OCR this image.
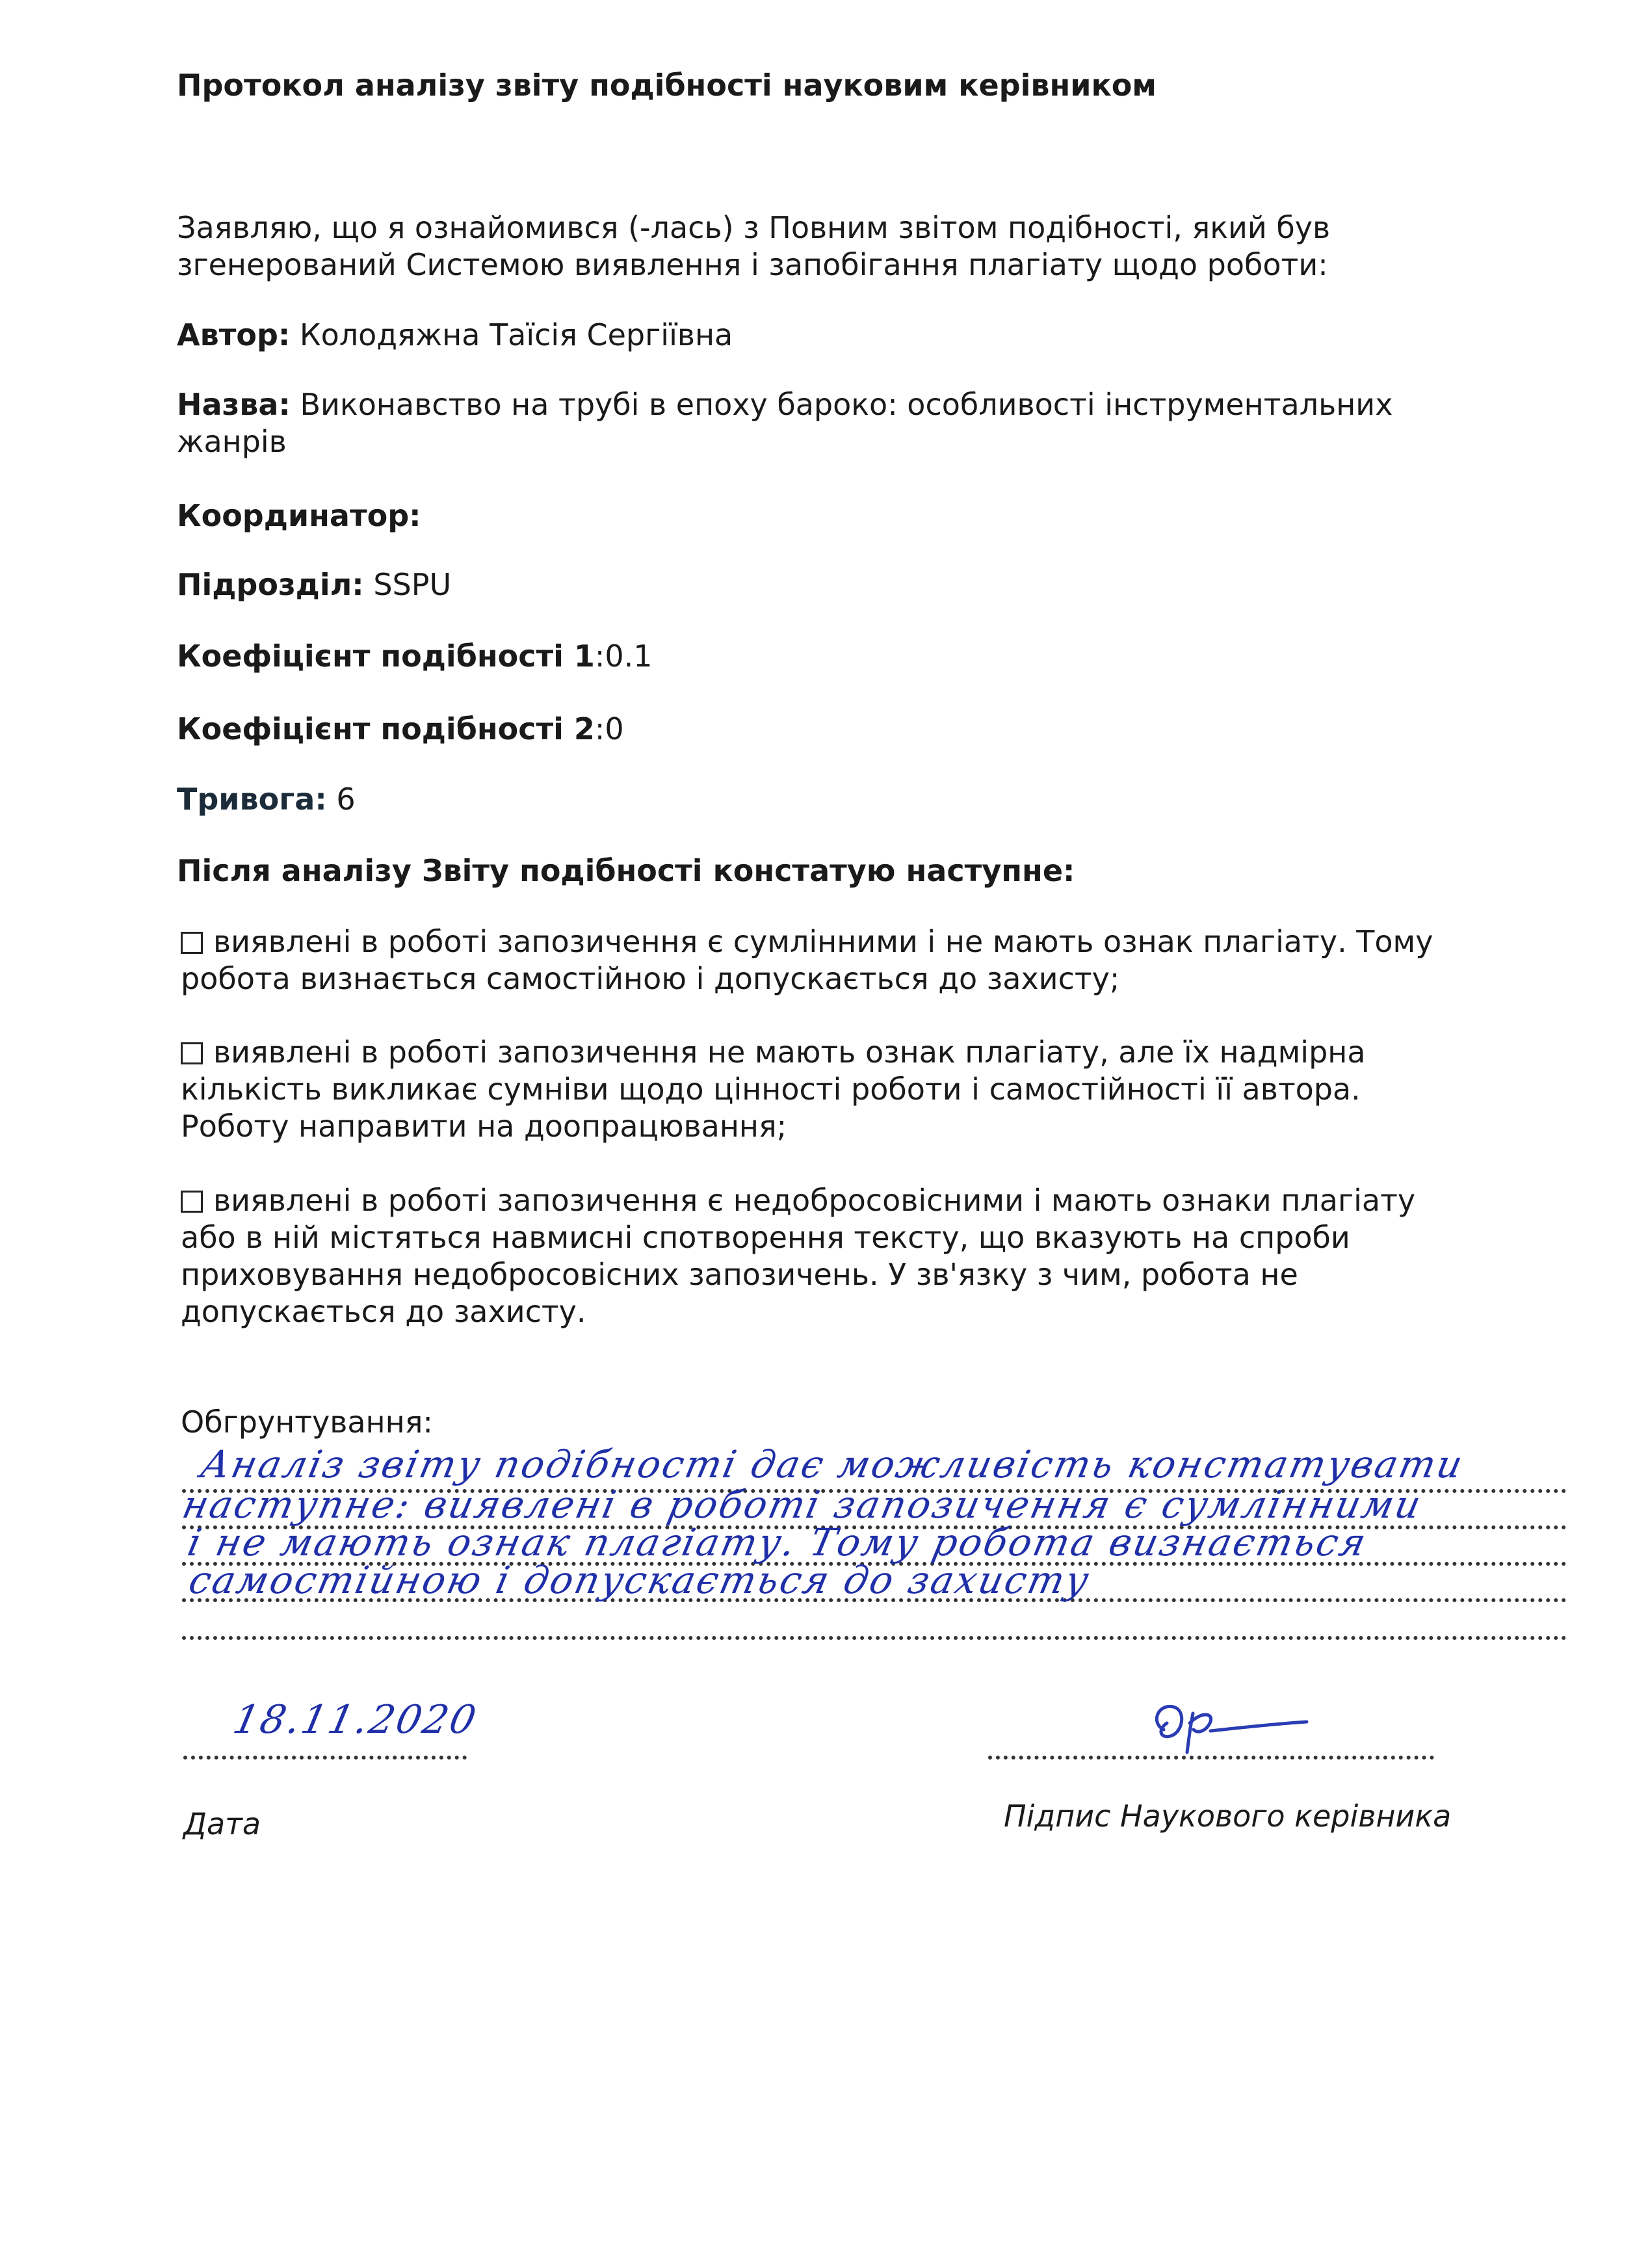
Протокол аналізу звіту подібності науковим керівником
Заявляю, що я ознайомився (-лась) з Повним звітом подібності, який був
згенерований Системою виявлення і запобігання плагіату щодо роботи:
Автор: Колодяжна Таїсія Сергіївна
Назва: Виконавство на трубі в епоху бароко: особливості інструментальних
жанрів
Координатор:
Підрозділ: SSPU
Коефіцієнт подібності 1:0.1
Коефіцієнт подібності 2:0
Тривога: 6
Після аналізу Звіту подібності констатую наступне:
виявлені в роботі запозичення є сумлінними і не мають ознак плагіату. Тому
робота визнається самостійною і допускається до захисту;
виявлені в роботі запозичення не мають ознак плагіату, але їх надмірна
кількість викликає сумніви щодо цінності роботи і самостійності її автора.
Роботу направити на доопрацювання;
виявлені в роботі запозичення є недобросовісними і мають ознаки плагіату
або в ній містяться навмисні спотворення тексту, що вказують на спроби
приховування недобросовісних запозичень. У зв'язку з чим, робота не
допускається до захисту.
Обгрунтування:
Аналіз звіту подібності дає можливість констатувати
наступне: виявлені в роботі запозичення є сумлінними
і не мають ознак плагіату. Тому робота визнається
самостійною і допускається до захисту
18.11.2020
Дата	Підпис Наукового керівника
